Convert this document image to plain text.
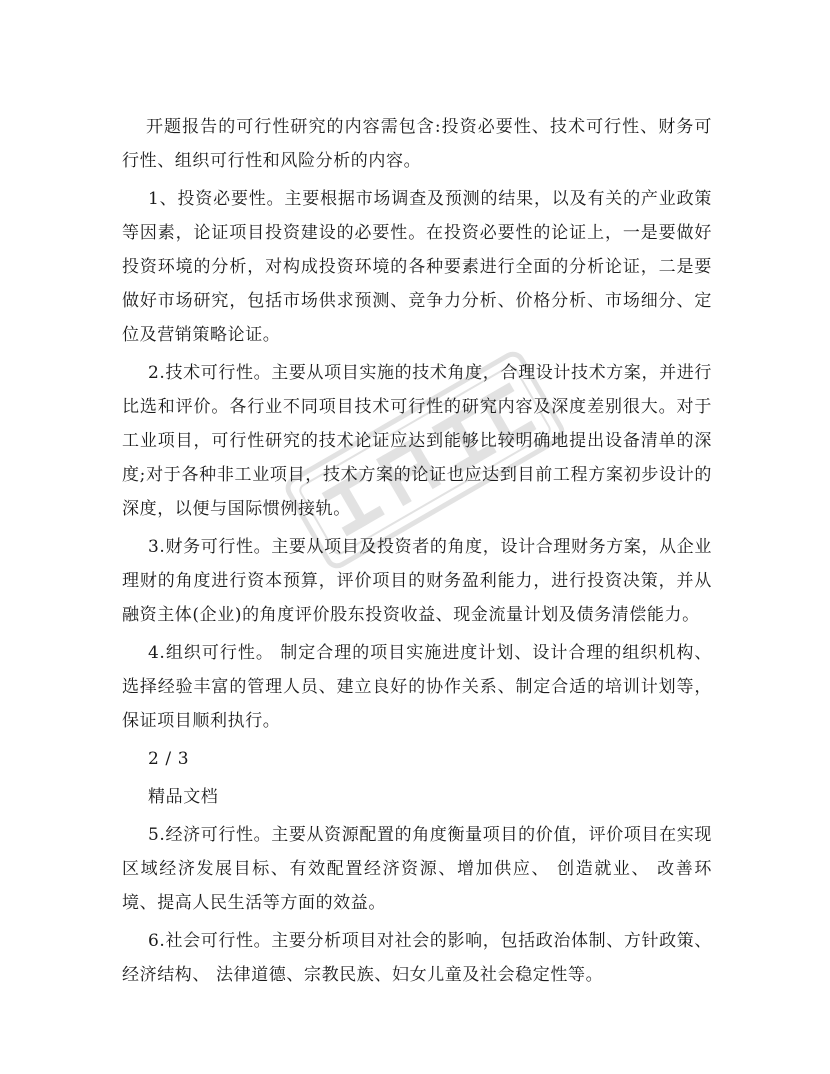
开题报告的可行性研究的内容需包含:投资必要性、技术可行性、财务可行性、组织可行性和风险分析的内容。

1、投资必要性。主要根据市场调查及预测的结果，以及有关的产业政策等因素，论证项目投资建设的必要性。在投资必要性的论证上，一是要做好投资环境的分析，对构成投资环境的各种要素进行全面的分析论证，二是要做好市场研究，包括市场供求预测、竞争力分析、价格分析、市场细分、定位及营销策略论证。

2.技术可行性。主要从项目实施的技术角度，合理设计技术方案，并进行比选和评价。各行业不同项目技术可行性的研究内容及深度差别很大。对于工业项目，可行性研究的技术论证应达到能够比较明确地提出设备清单的深度;对于各种非工业项目，技术方案的论证也应达到目前工程方案初步设计的深度，以便与国际惯例接轨。

3.财务可行性。主要从项目及投资者的角度，设计合理财务方案，从企业理财的角度进行资本预算，评价项目的财务盈利能力，进行投资决策，并从融资主体(企业)的角度评价股东投资收益、现金流量计划及债务清偿能力。

4.组织可行性。 制定合理的项目实施进度计划、设计合理的组织机构、选择经验丰富的管理人员、建立良好的协作关系、制定合适的培训计划等， 保证项目顺利执行。

2 / 3

精品文档

5.经济可行性。主要从资源配置的角度衡量项目的价值，评价项目在实现区域经济发展目标、有效配置经济资源、增加供应、 创造就业、 改善环境、提高人民生活等方面的效益。

6.社会可行性。主要分析项目对社会的影响，包括政治体制、方针政策、 经济结构、 法律道德、宗教民族、妇女儿童及社会稳定性等。
